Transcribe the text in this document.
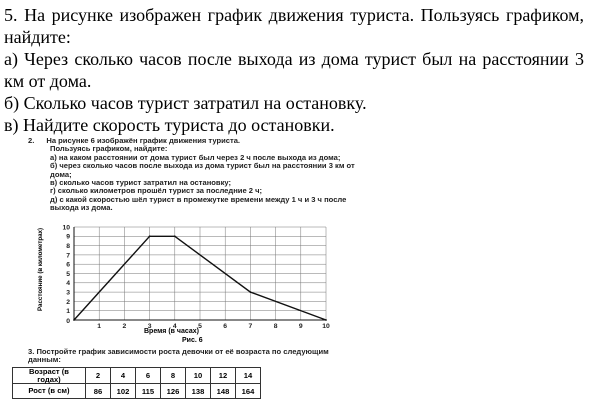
5. На рисунке изображен график движения туриста. Пользуясь графиком, найдите:

а) Через сколько часов после выхода из дома турист был на расстоянии 3 км от дома.

б) Сколько часов турист затратил на остановку.

в) Найдите скорость туриста до остановки.

2. На рисунке 6 изображён график движения туриста.
Пользуясь графиком, найдите:
а) на каком расстоянии от дома турист был через 2 ч после выхода из дома;
б) через сколько часов после выхода из дома турист был на расстоянии 3 км от дома;
в) сколько часов турист затратил на остановку;
г) сколько километров прошёл турист за последние 2 ч;
д) с какой скоростью шёл турист в промежутке времени между 1 ч и 3 ч после выхода из дома.
1	2	3	4	5	6	7	8	9	10
1
2
3
4
5
6
7
8
9
10
0
Расстояние (в километрах)
Время (в часах)
Рис. 6
3. Постройте график зависимости роста девочки от её возраста по следующим данным:
Возраст (в годах)	2	4	6	8	10	12	14
Рост (в см)	86	102	115	126	138	148	164
